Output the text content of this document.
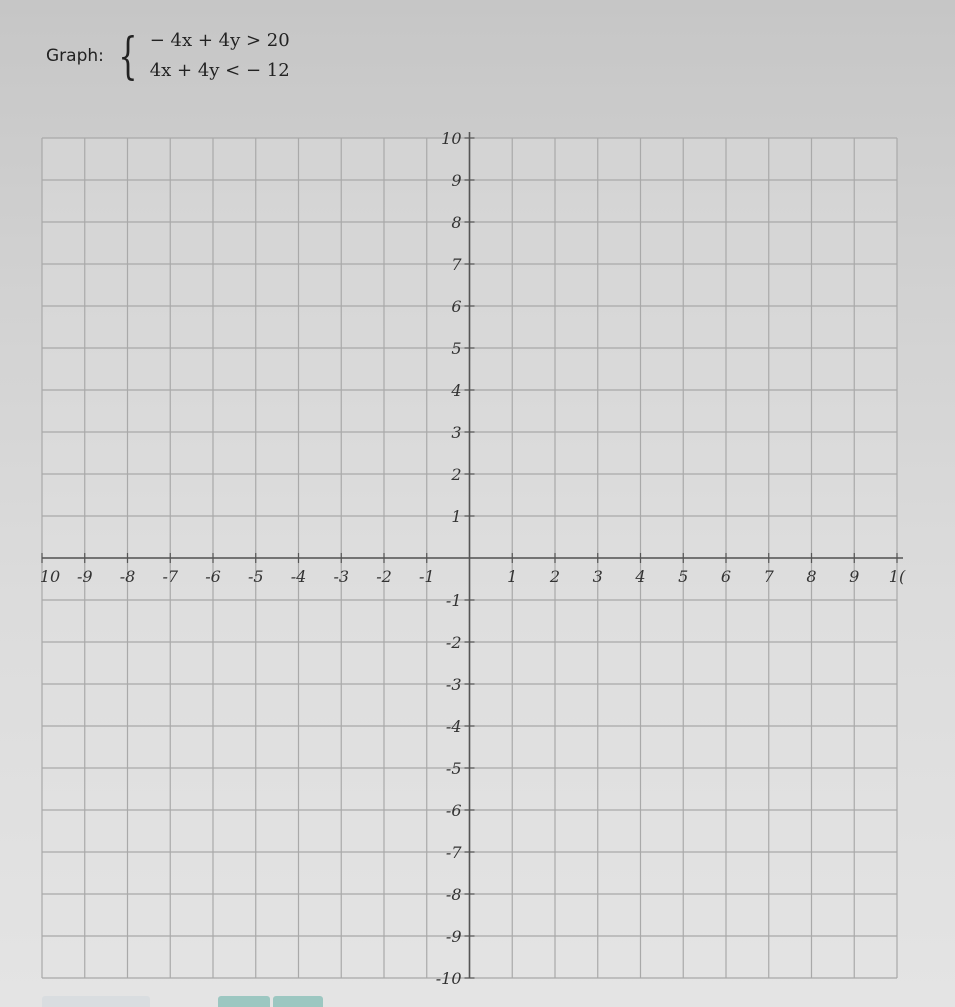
Graph: { − 4x + 4y > 20
4x + 4y < − 12
10 -9 -8 -7 -6 -5 -4 -3 -2 -1	1 2 3 4 5 6 7 8 9 1(
10
9
8
7
6
5
4
3
2
1
-1
-2
-3
-4
-5
-6
-7
-8
-9
-10
